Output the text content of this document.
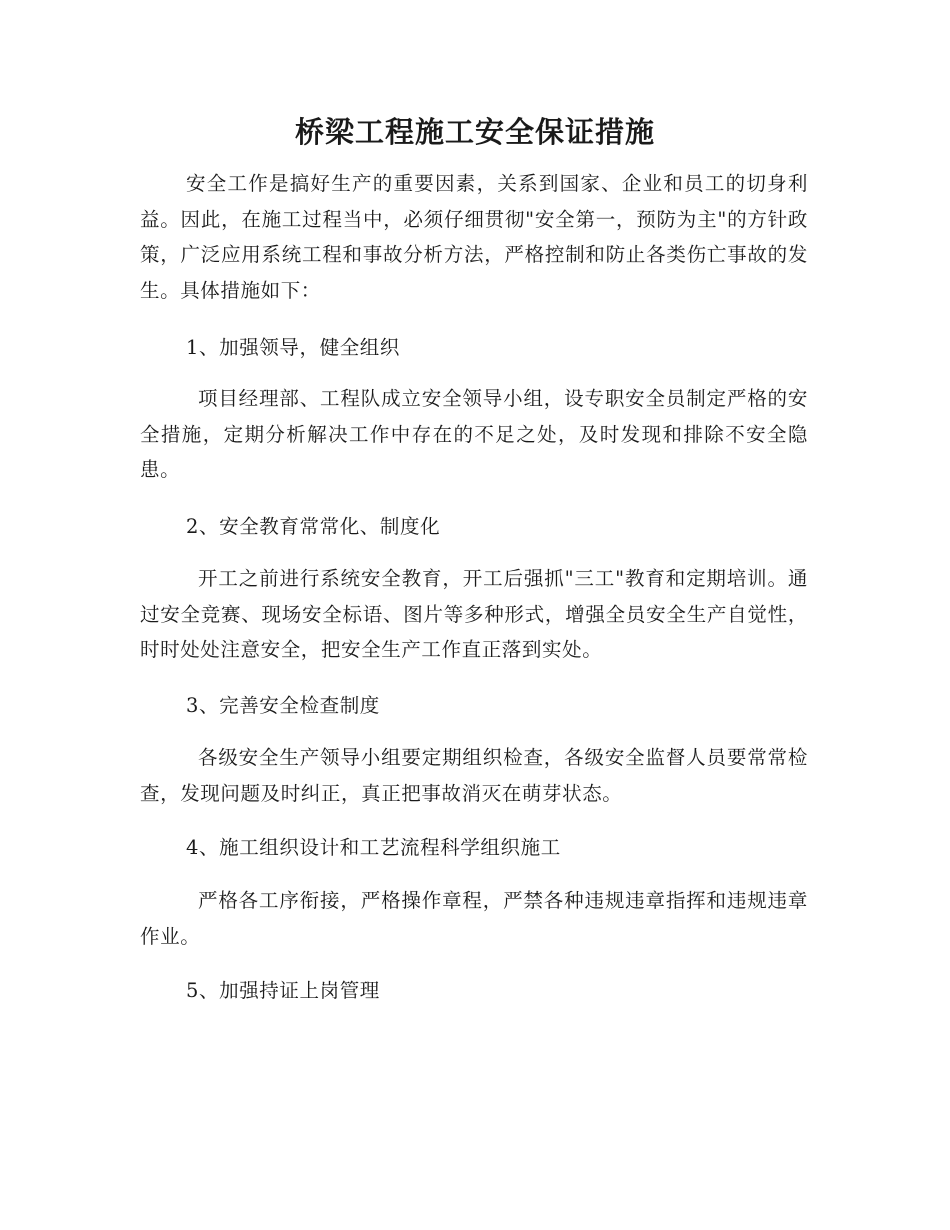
桥梁工程施工安全保证措施

安全工作是搞好生产的重要因素，关系到国家、企业和员工的切身利益。因此，在施工过程当中，必须仔细贯彻"安全第一，预防为主"的方针政策，广泛应用系统工程和事故分析方法，严格控制和防止各类伤亡事故的发生。具体措施如下：

1、加强领导，健全组织

项目经理部、工程队成立安全领导小组，设专职安全员制定严格的安全措施，定期分析解决工作中存在的不足之处，及时发现和排除不安全隐患。

2、安全教育常常化、制度化

开工之前进行系统安全教育，开工后强抓"三工"教育和定期培训。通过安全竞赛、现场安全标语、图片等多种形式，增强全员安全生产自觉性，时时处处注意安全，把安全生产工作直正落到实处。

3、完善安全检查制度

各级安全生产领导小组要定期组织检查，各级安全监督人员要常常检查，发现问题及时纠正，真正把事故消灭在萌芽状态。

4、施工组织设计和工艺流程科学组织施工

严格各工序衔接，严格操作章程，严禁各种违规违章指挥和违规违章作业。

5、加强持证上岗管理
